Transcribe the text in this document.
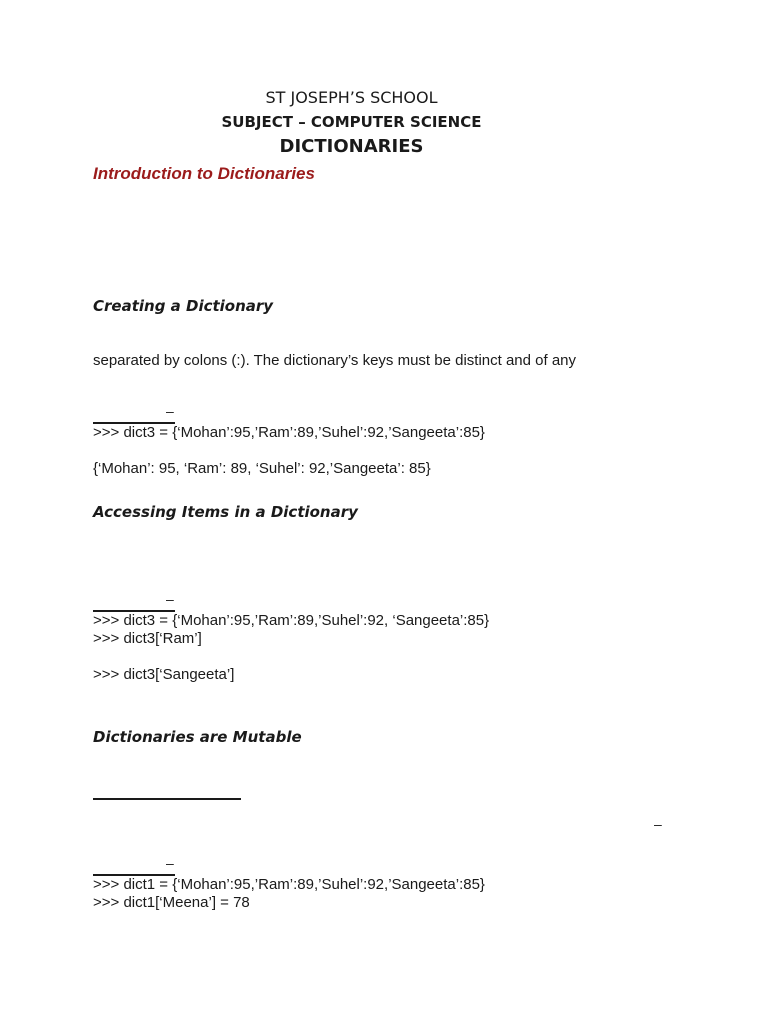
ST JOSEPH’S SCHOOL
SUBJECT – COMPUTER SCIENCE
DICTIONARIES
Introduction to Dictionaries
Creating a Dictionary
separated by colons (:). The dictionary’s keys must be distinct and of any
–
>>> dict3 = {‘Mohan’:95,’Ram’:89,’Suhel’:92,’Sangeeta’:85}
{‘Mohan’: 95, ‘Ram’: 89, ‘Suhel’: 92,’Sangeeta’: 85}
Accessing Items in a Dictionary
–
>>> dict3 = {‘Mohan’:95,’Ram’:89,’Suhel’:92, ‘Sangeeta’:85}
>>> dict3[‘Ram’]
>>> dict3[‘Sangeeta’]
Dictionaries are Mutable
–
–
>>> dict1 = {‘Mohan’:95,’Ram’:89,’Suhel’:92,’Sangeeta’:85}
>>> dict1[‘Meena’] = 78
